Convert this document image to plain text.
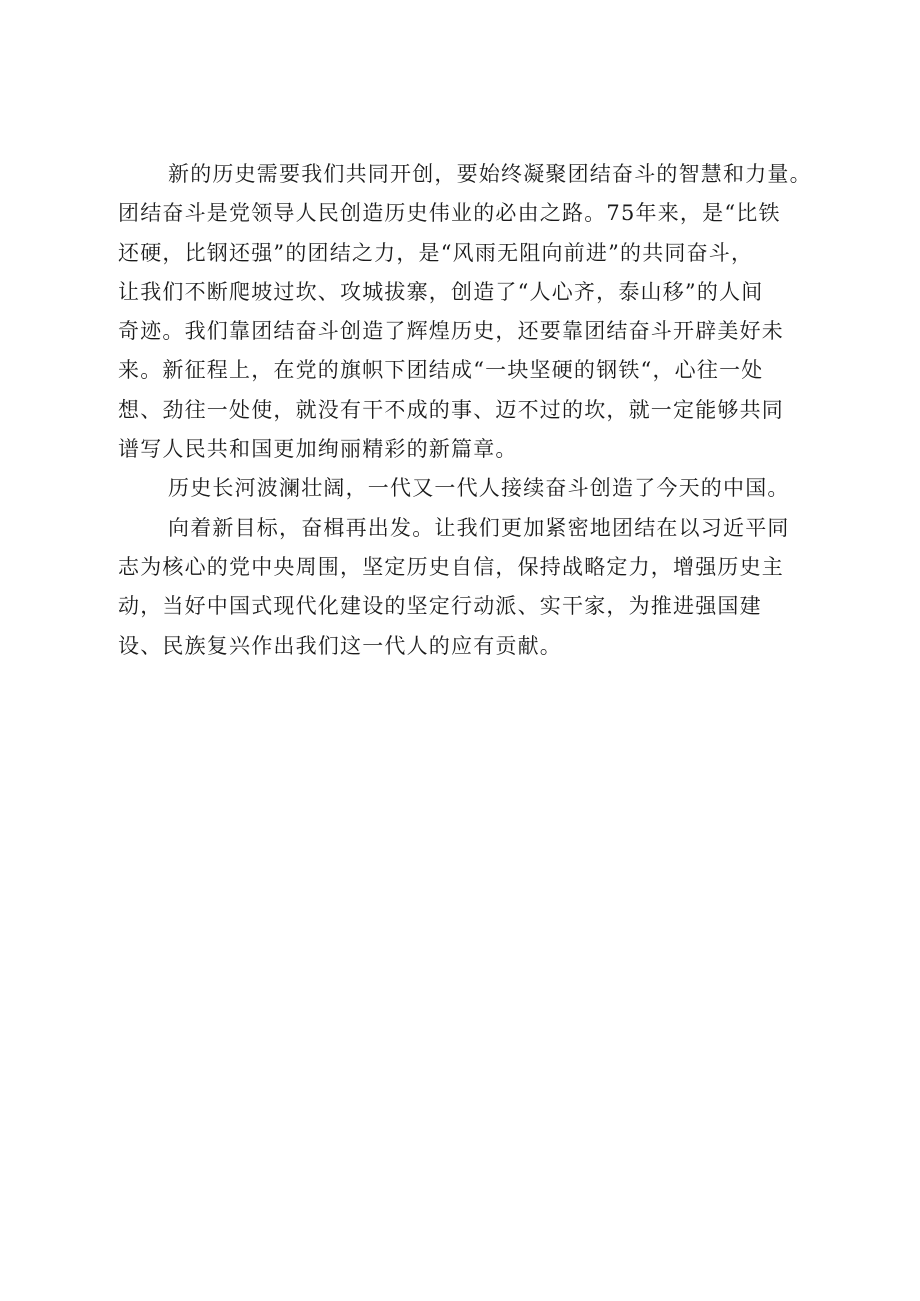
新的历史需要我们共同开创，要始终凝聚团结奋斗的智慧和力量。
团结奋斗是党领导人民创造历史伟业的必由之路。75年来，是“比铁
还硬，比钢还强”的团结之力，是“风雨无阻向前进”的共同奋斗，
让我们不断爬坡过坎、攻城拔寨，创造了“人心齐，泰山移”的人间
奇迹。我们靠团结奋斗创造了辉煌历史，还要靠团结奋斗开辟美好未
来。新征程上，在党的旗帜下团结成“一块坚硬的钢铁“，心往一处
想、劲往一处使，就没有干不成的事、迈不过的坎，就一定能够共同
谱写人民共和国更加绚丽精彩的新篇章。
历史长河波澜壮阔，一代又一代人接续奋斗创造了今天的中国。
向着新目标，奋楫再出发。让我们更加紧密地团结在以习近平同
志为核心的党中央周围，坚定历史自信，保持战略定力，增强历史主
动，当好中国式现代化建设的坚定行动派、实干家，为推进强国建
设、民族复兴作出我们这一代人的应有贡献。
